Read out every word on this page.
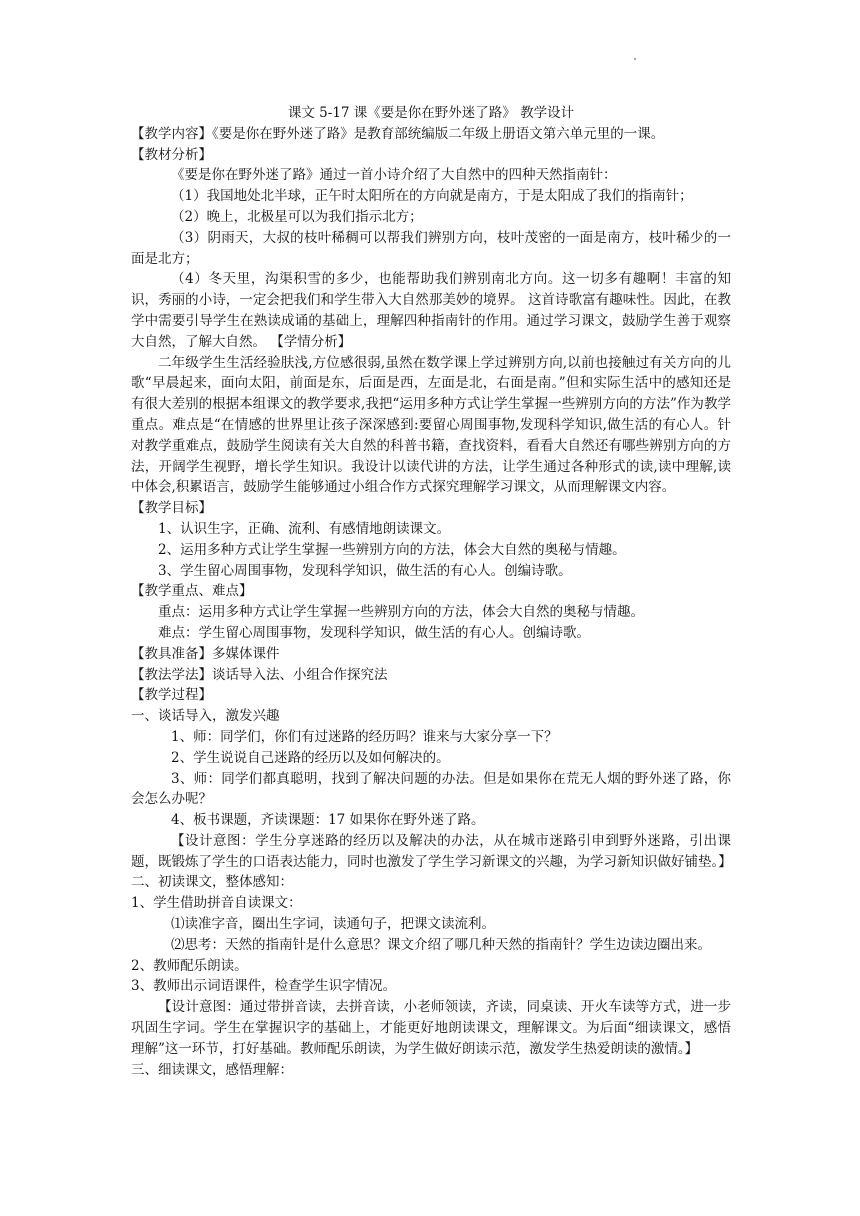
课文 5-17 课《要是你在野外迷了路》 教学设计

【教学内容】《要是你在野外迷了路》是教育部统编版二年级上册语文第六单元里的一课。

【教材分析】

《要是你在野外迷了路》通过一首小诗介绍了大自然中的四种天然指南针：

（1）我国地处北半球，正午时太阳所在的方向就是南方，于是太阳成了我们的指南针；

（2）晚上，北极星可以为我们指示北方；

（3）阴雨天，大叔的枝叶稀稠可以帮我们辨别方向，枝叶茂密的一面是南方，枝叶稀少的一面是北方；

（4）冬天里，沟渠积雪的多少，也能帮助我们辨别南北方向。这一切多有趣啊！丰富的知识，秀丽的小诗，一定会把我们和学生带入大自然那美妙的境界。 这首诗歌富有趣味性。因此，在教学中需要引导学生在熟读成诵的基础上，理解四种指南针的作用。通过学习课文，鼓励学生善于观察大自然，了解大自然。 【学情分析】

二年级学生生活经验肤浅,方位感很弱,虽然在数学课上学过辨别方向,以前也接触过有关方向的儿歌“早晨起来，面向太阳，前面是东，后面是西，左面是北，右面是南。”但和实际生活中的感知还是有很大差别的根据本组课文的教学要求,我把“运用多种方式让学生掌握一些辨别方向的方法”作为教学重点。难点是“在情感的世界里让孩子深深感到:要留心周围事物,发现科学知识,做生活的有心人。针对教学重难点，鼓励学生阅读有关大自然的科普书籍，查找资料，看看大自然还有哪些辨别方向的方法，开阔学生视野，增长学生知识。我设计以读代讲的方法，让学生通过各种形式的读,读中理解,读中体会,积累语言，鼓励学生能够通过小组合作方式探究理解学习课文，从而理解课文内容。

【教学目标】

1、认识生字，正确、流利、有感情地朗读课文。

2、运用多种方式让学生掌握一些辨别方向的方法，体会大自然的奥秘与情趣。

3、学生留心周围事物，发现科学知识，做生活的有心人。创编诗歌。

【教学重点、难点】

重点：运用多种方式让学生掌握一些辨别方向的方法，体会大自然的奥秘与情趣。

难点：学生留心周围事物，发现科学知识，做生活的有心人。创编诗歌。

【教具准备】多媒体课件

【教法学法】谈话导入法、小组合作探究法

【教学过程】

一、谈话导入，激发兴趣

1、师：同学们，你们有过迷路的经历吗？谁来与大家分享一下？

2、学生说说自己迷路的经历以及如何解决的。

3、师：同学们都真聪明，找到了解决问题的办法。但是如果你在荒无人烟的野外迷了路，你会怎么办呢？

4、板书课题，齐读课题：17 如果你在野外迷了路。

【设计意图：学生分享迷路的经历以及解决的办法，从在城市迷路引申到野外迷路，引出课题，既锻炼了学生的口语表达能力，同时也激发了学生学习新课文的兴趣，为学习新知识做好铺垫。】

二、初读课文，整体感知：

1、学生借助拼音自读课文：

⑴读准字音，圈出生字词，读通句子，把课文读流利。

⑵思考：天然的指南针是什么意思？课文介绍了哪几种天然的指南针？学生边读边圈出来。

2、教师配乐朗读。

3、教师出示词语课件，检查学生识字情况。

【设计意图：通过带拼音读，去拼音读，小老师领读，齐读，同桌读、开火车读等方式，进一步巩固生字词。学生在掌握识字的基础上，才能更好地朗读课文，理解课文。为后面“细读课文，感悟理解”这一环节，打好基础。教师配乐朗读，为学生做好朗读示范，激发学生热爱朗读的激情。】

三、细读课文，感悟理解：
